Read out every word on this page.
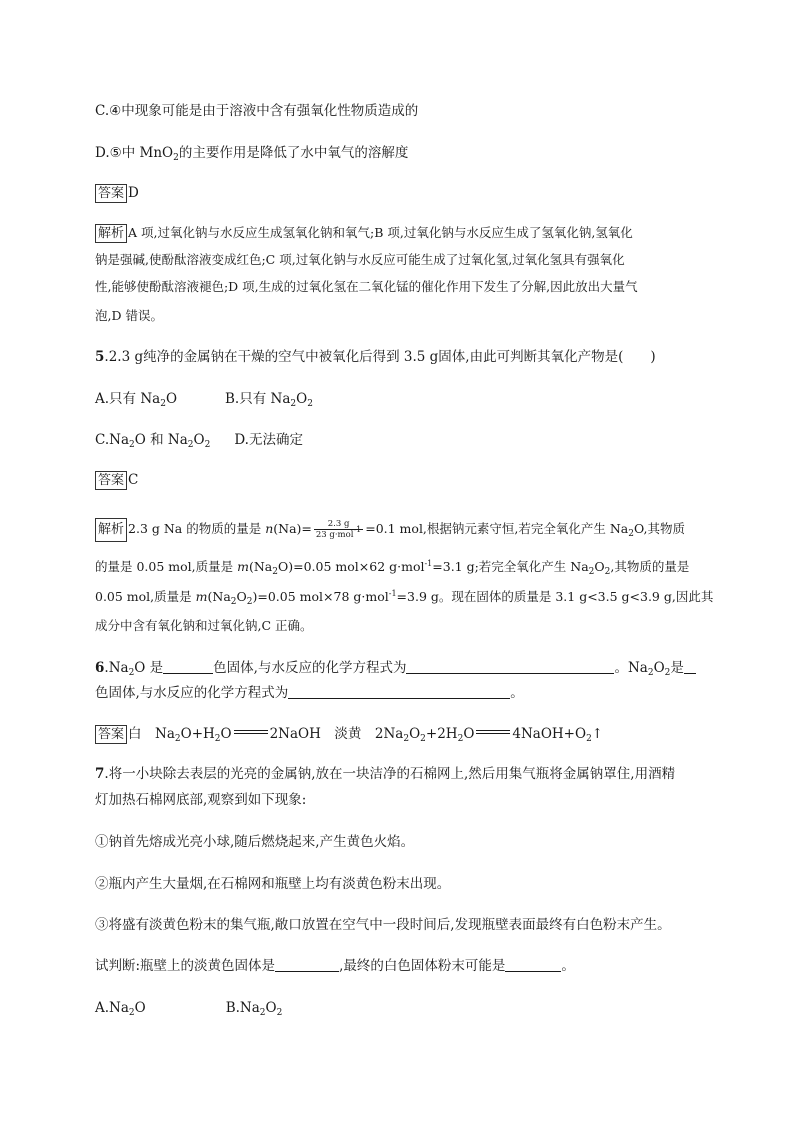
C.④中现象可能是由于溶液中含有强氧化性物质造成的
D.⑤中 MnO$_2$的主要作用是降低了水中氧气的溶解度
答案 D
解析 A 项,过氧化钠与水反应生成氢氧化钠和氧气;B 项,过氧化钠与水反应生成了氢氧化钠,氢氧化
钠是强碱,使酚酞溶液变成红色;C 项,过氧化钠与水反应可能生成了过氧化氢,过氧化氢具有强氧化
性,能够使酚酞溶液褪色;D 项,生成的过氧化氢在二氧化锰的催化作用下发生了分解,因此放出大量气
泡,D 错误。
5.2.3 g纯净的金属钠在干燥的空气中被氧化后得到 3.5 g固体,由此可判断其氧化产物是(　　)
A.只有 $Na_2O$	B.只有 $Na_2O_2$
$C.Na_2O$ 和 $Na_2O_2$ D.无法确定
答案 C
解析 2.3 g Na 的物质的量是 $n(Na)= \frac{2.3 g}{23 g\cdot mol^{-1}} =0.1$ mol,根据钠元素守恒,若完全氧化产生 $Na_2O$,其物质
的量是 0.05 mol,质量是 $m(Na_2O)=0.05$ mol×62 g·mol$^{-1}$=3.1 g;若完全氧化产生 $Na_2O_2$,其物质的量是
0.05 mol,质量是 $m(Na_2O_2)=0.05$ mol×78 g·mol$^{-1}$=3.9 g。现在固体的质量是 3.1 g<3.5 g<3.9 g,因此其
成分中含有氧化钠和过氧化钠,C 正确。
$6.Na_2O$ 是	色固体,与水反应的化学方程式为	。$Na_2O_2$是
色固体,与水反应的化学方程式为	。
答案 白　$Na_2O+H_2O$	2NaOH　淡黄　$2Na_2O_2+2H_2O$	$4NaOH+O_2↑$
7.将一小块除去表层的光亮的金属钠,放在一块洁净的石棉网上,然后用集气瓶将金属钠罩住,用酒精
灯加热石棉网底部,观察到如下现象:
①钠首先熔成光亮小球,随后燃烧起来,产生黄色火焰。
②瓶内产生大量烟,在石棉网和瓶壁上均有淡黄色粉末出现。
③将盛有淡黄色粉末的集气瓶,敞口放置在空气中一段时间后,发现瓶壁表面最终有白色粉末产生。
试判断:瓶壁上的淡黄色固体是	,最终的白色固体粉末可能是	。
$A.Na_2O$	$B.Na_2O_2$
